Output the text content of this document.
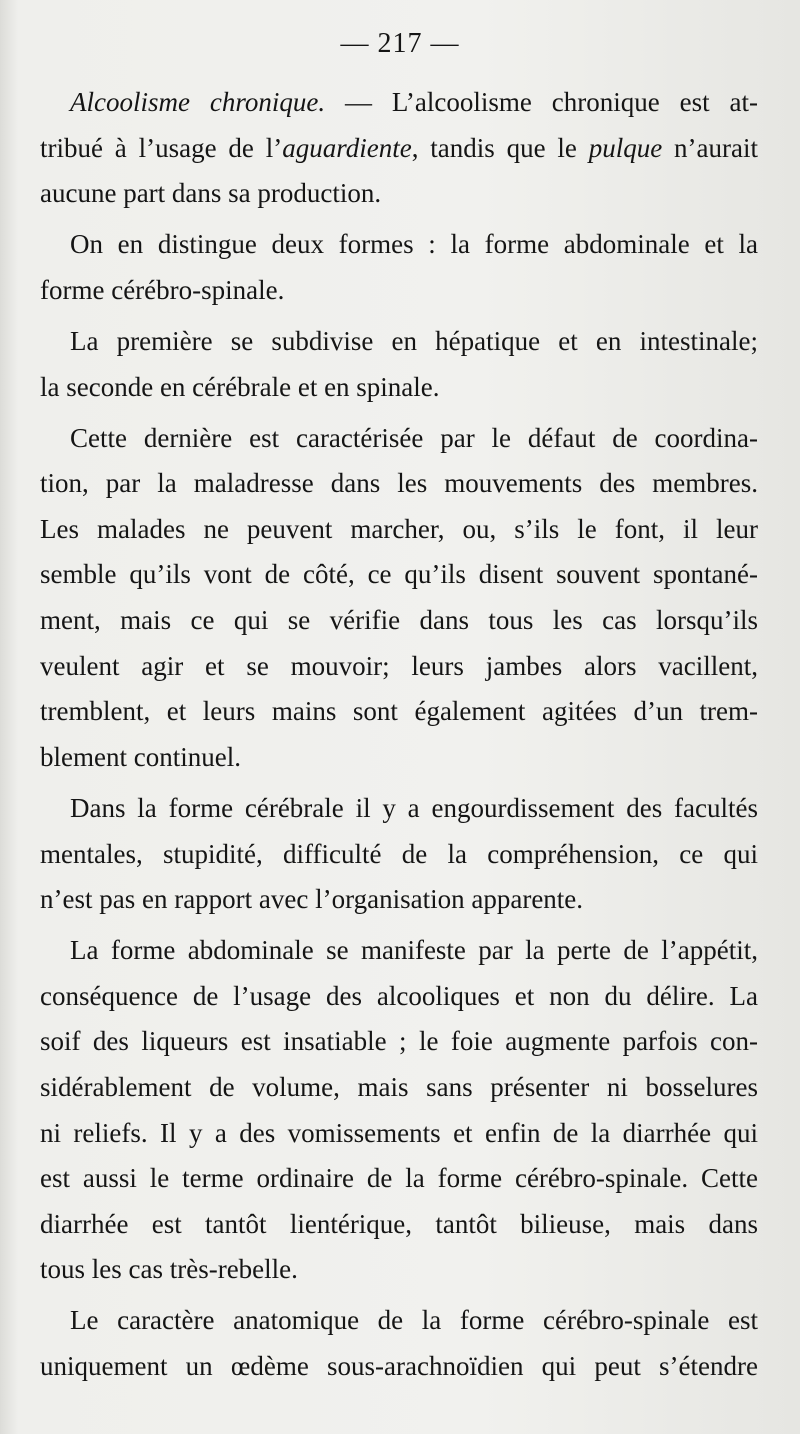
— 217 —
Alcoolisme chronique. — L’alcoolisme chronique est at-
tribué à l’usage de l’aguardiente, tandis que le pulque n’aurait
aucune part dans sa production.
On en distingue deux formes : la forme abdominale et la
forme cérébro-spinale.
La première se subdivise en hépatique et en intestinale;
la seconde en cérébrale et en spinale.
Cette dernière est caractérisée par le défaut de coordina-
tion, par la maladresse dans les mouvements des membres.
Les malades ne peuvent marcher, ou, s’ils le font, il leur
semble qu’ils vont de côté, ce qu’ils disent souvent spontané-
ment, mais ce qui se vérifie dans tous les cas lorsqu’ils
veulent agir et se mouvoir; leurs jambes alors vacillent,
tremblent, et leurs mains sont également agitées d’un trem-
blement continuel.
Dans la forme cérébrale il y a engourdissement des facultés
mentales, stupidité, difficulté de la compréhension, ce qui
n’est pas en rapport avec l’organisation apparente.
La forme abdominale se manifeste par la perte de l’appétit,
conséquence de l’usage des alcooliques et non du délire. La
soif des liqueurs est insatiable ; le foie augmente parfois con-
sidérablement de volume, mais sans présenter ni bosselures
ni reliefs. Il y a des vomissements et enfin de la diarrhée qui
est aussi le terme ordinaire de la forme cérébro-spinale. Cette
diarrhée est tantôt lientérique, tantôt bilieuse, mais dans
tous les cas très-rebelle.
Le caractère anatomique de la forme cérébro-spinale est
uniquement un œdème sous-arachnoïdien qui peut s’étendre
